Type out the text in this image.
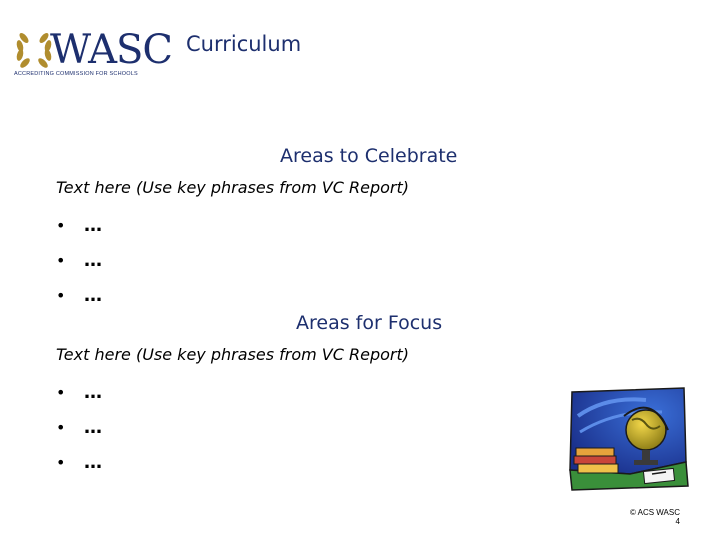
WASC
ACCREDITING COMMISSION FOR SCHOOLS
Curriculum
Areas to Celebrate
Text here (Use key phrases from VC Report)
•	…
•	…
•	…
Areas for Focus
Text here (Use key phrases from VC Report)
•	…
•	…
•	…
© ACS WASC
4
